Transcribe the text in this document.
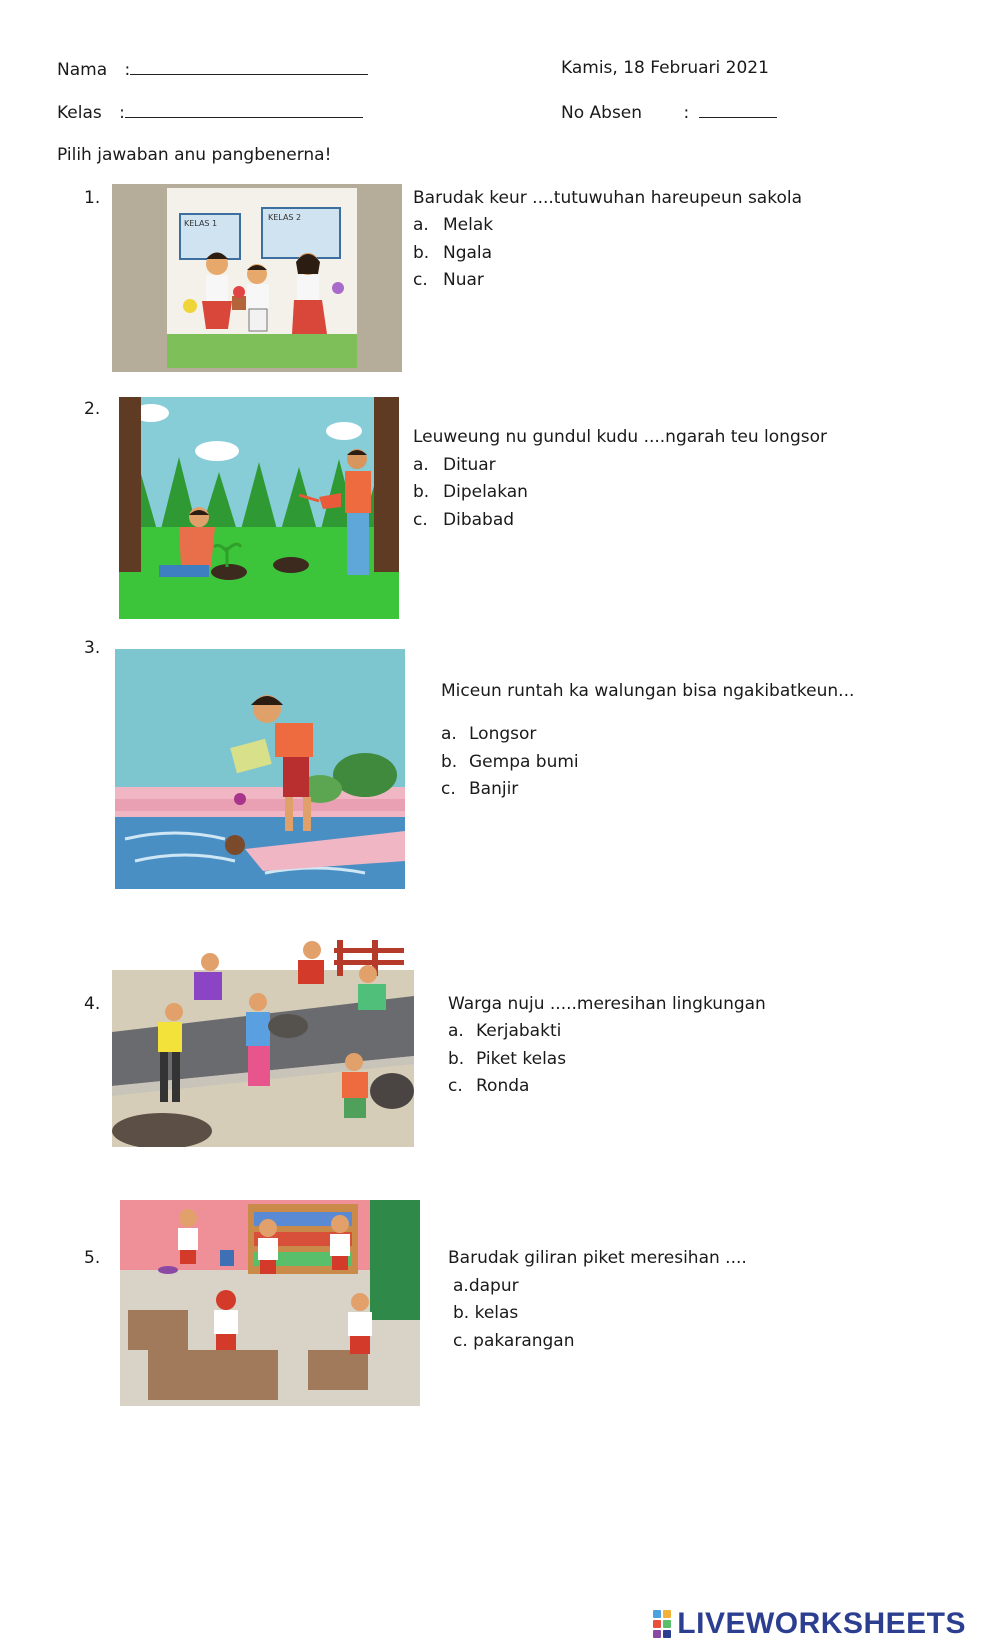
Nama :
Kelas :
Kamis, 18 Februari 2021
No Absen :
Pilih jawaban anu pangbenerna!
1.
KELAS 1
KELAS 2
Barudak keur ....tutuwuhan hareupeun sakola
a. Melak
b. Ngala
c. Nuar
2.
Leuweung nu gundul kudu ....ngarah teu longsor
a. Dituar
b. Dipelakan
c. Dibabad
3.
Miceun runtah ka walungan bisa ngakibatkeun...
a. Longsor
b. Gempa bumi
c. Banjir
4.	Warga nuju .....meresihan lingkungan
a. Kerjabakti
b. Piket kelas
c. Ronda
5.	Barudak giliran piket meresihan ....
a.dapur
b. kelas
c. pakarangan
LIVEWORKSHEETS
